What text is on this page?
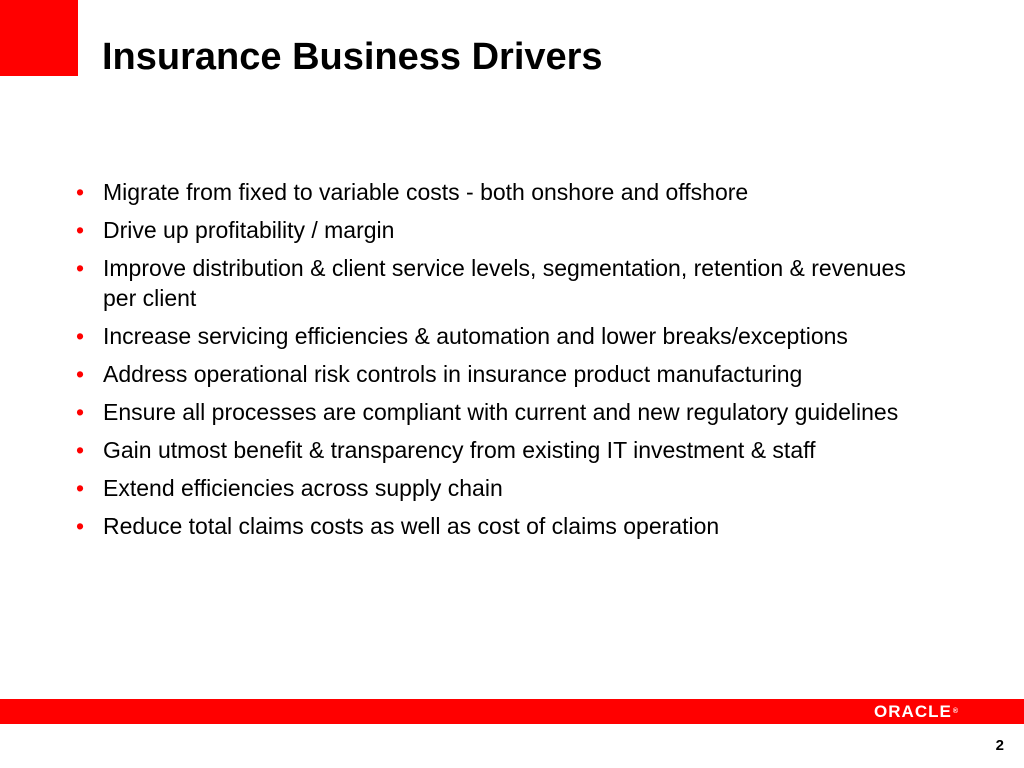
Insurance Business Drivers
• Migrate from fixed to variable costs - both onshore and offshore
• Drive up profitability / margin
• Improve distribution & client service levels, segmentation, retention & revenues per client
• Increase servicing efficiencies & automation and lower breaks/exceptions
• Address operational risk controls in insurance product manufacturing
• Ensure all processes are compliant with current and new regulatory guidelines
• Gain utmost benefit & transparency from existing IT investment & staff
• Extend efficiencies across supply chain
• Reduce total claims costs as well as cost of claims operation
ORACLE ®
2
